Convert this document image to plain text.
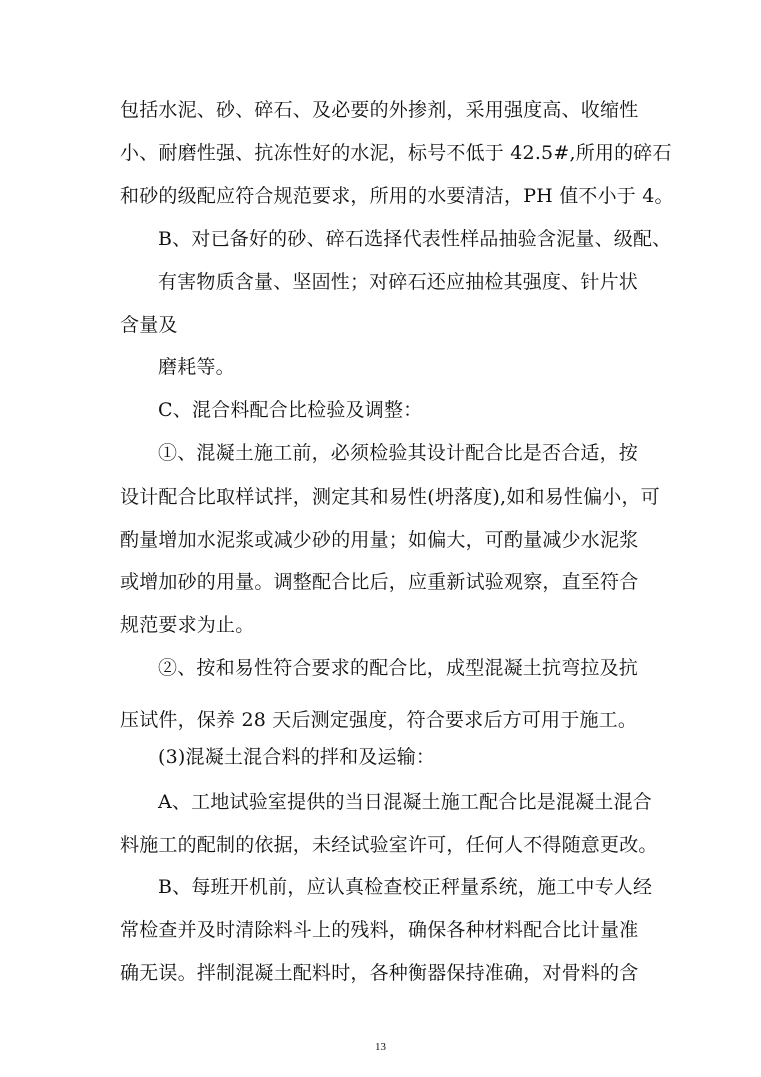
包括水泥、砂、碎石、及必要的外掺剂，采用强度高、收缩性
小、耐磨性强、抗冻性好的水泥，标号不低于 42.5#,所用的碎石
和砂的级配应符合规范要求，所用的水要清洁，PH 值不小于 4。
B、对已备好的砂、碎石选择代表性样品抽验含泥量、级配、
有害物质含量、坚固性；对碎石还应抽检其强度、针片状
含量及
磨耗等。
C、混合料配合比检验及调整：
①、混凝土施工前，必须检验其设计配合比是否合适，按
设计配合比取样试拌，测定其和易性(坍落度),如和易性偏小，可
酌量增加水泥浆或减少砂的用量；如偏大，可酌量减少水泥浆
或增加砂的用量。调整配合比后，应重新试验观察，直至符合
规范要求为止。
②、按和易性符合要求的配合比，成型混凝土抗弯拉及抗
压试件，保养 28 天后测定强度，符合要求后方可用于施工。
(3)混凝土混合料的拌和及运输：
A、工地试验室提供的当日混凝土施工配合比是混凝土混合
料施工的配制的依据，未经试验室许可，任何人不得随意更改。
B、每班开机前，应认真检查校正秤量系统，施工中专人经
常检查并及时清除料斗上的残料，确保各种材料配合比计量准
确无误。拌制混凝土配料时，各种衡器保持准确，对骨料的含
13
